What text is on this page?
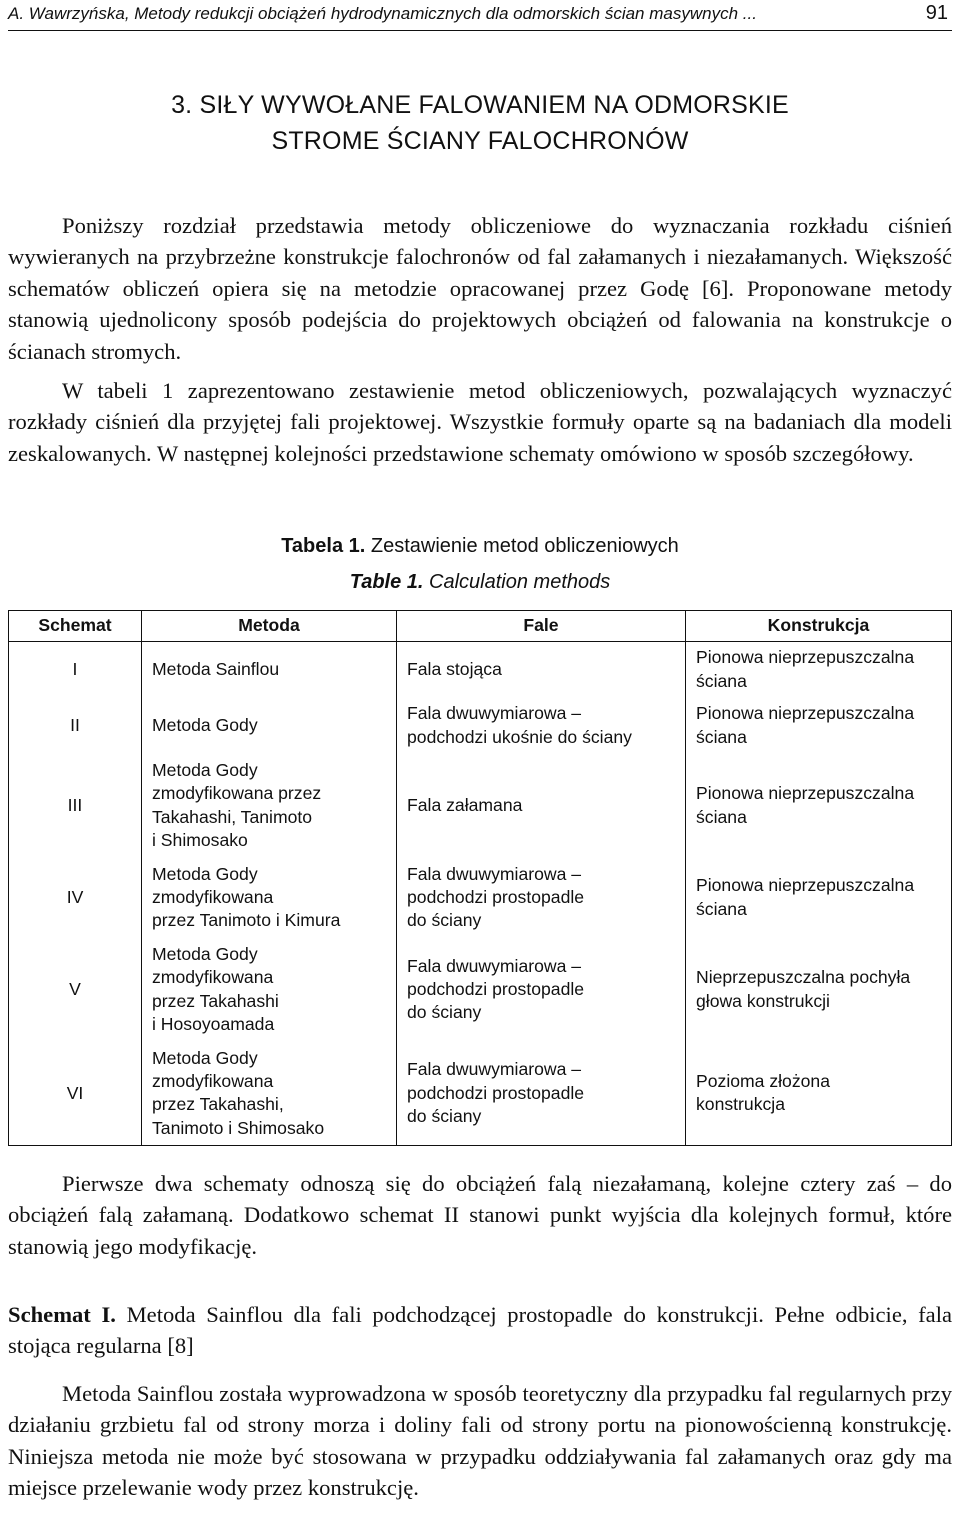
A. Wawrzyńska, Metody redukcji obciążeń hydrodynamicznych dla odmorskich ścian masywnych ...	91
3. SIŁY WYWOŁANE FALOWANIEM NA ODMORSKIE
STROME ŚCIANY FALOCHRONÓW

Poniższy rozdział przedstawia metody obliczeniowe do wyznaczania rozkładu ciśnień wywieranych na przybrzeżne konstrukcje falochronów od fal załamanych i niezałamanych. Większość schematów obliczeń opiera się na metodzie opracowanej przez Godę [6]. Proponowane metody stanowią ujednolicony sposób podejścia do projektowych obciążeń od falowania na konstrukcje o ścianach stromych.

W tabeli 1 zaprezentowano zestawienie metod obliczeniowych, pozwalających wyznaczyć rozkłady ciśnień dla przyjętej fali projektowej. Wszystkie formuły oparte są na badaniach dla modeli zeskalowanych. W następnej kolejności przedstawione schematy omówiono w sposób szczegółowy.

Tabela 1. Zestawienie metod obliczeniowych
Table 1. Calculation methods
Schemat	Metoda	Fale	Konstrukcja
I	Metoda Sainflou	Fala stojąca	Pionowa nieprzepuszczalna
ściana

II	Metoda Gody	Fala dwuwymiarowa –
podchodzi ukośnie do ściany	Pionowa nieprzepuszczalna
ściana

III	Metoda Gody
zmodyfikowana przez
Takahashi, Tanimoto
i Shimosako	Fala załamana	Pionowa nieprzepuszczalna
ściana

IV	Metoda Gody
zmodyfikowana
przez Tanimoto i Kimura	Fala dwuwymiarowa –
podchodzi prostopadle
do ściany	Pionowa nieprzepuszczalna
ściana

V	Metoda Gody
zmodyfikowana
przez Takahashi
i Hosoyoamada	Fala dwuwymiarowa –
podchodzi prostopadle
do ściany	Nieprzepuszczalna pochyła
głowa konstrukcji

VI	Metoda Gody
zmodyfikowana
przez Takahashi,
Tanimoto i Shimosako	Fala dwuwymiarowa –
podchodzi prostopadle
do ściany	Pozioma złożona
konstrukcja

Pierwsze dwa schematy odnoszą się do obciążeń falą niezałamaną, kolejne cztery zaś – do obciążeń falą załamaną. Dodatkowo schemat II stanowi punkt wyjścia dla kolejnych formuł, które stanowią jego modyfikację.

Schemat I. Metoda Sainflou dla fali podchodzącej prostopadle do konstrukcji. Pełne odbicie, fala stojąca regularna [8]

Metoda Sainflou została wyprowadzona w sposób teoretyczny dla przypadku fal regularnych przy działaniu grzbietu fal od strony morza i doliny fali od strony portu na pionowościenną konstrukcję. Niniejsza metoda nie może być stosowana w przypadku oddziaływania fal załamanych oraz gdy ma miejsce przelewanie wody przez konstrukcję.
